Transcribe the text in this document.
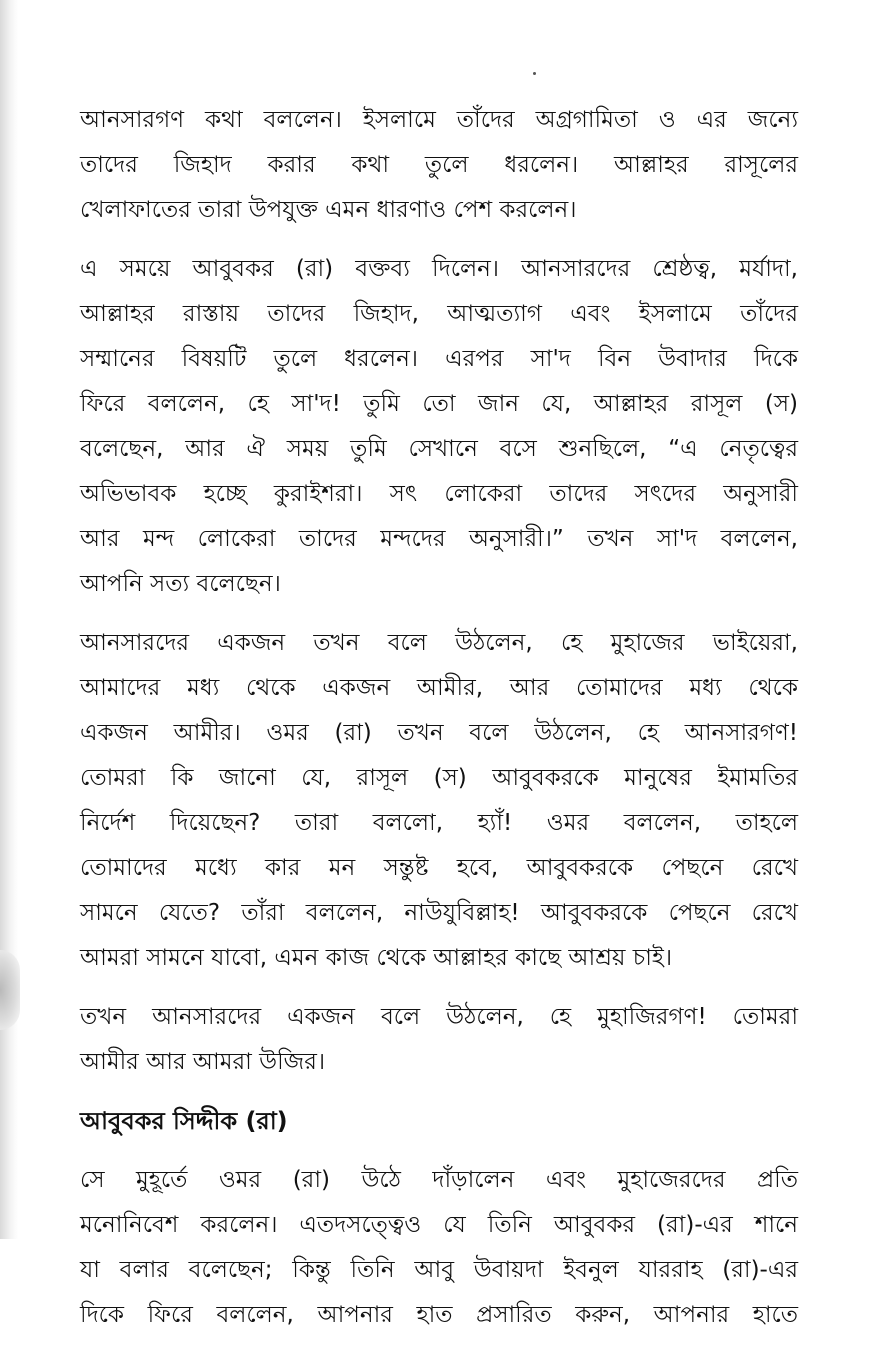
আনসারগণ কথা বললেন। ইসলামে তাঁদের অগ্রগামিতা ও এর জন্যে
তাদের জিহাদ করার কথা তুলে ধরলেন। আল্লাহর রাসূলের
খেলাফাতের তারা উপযুক্ত এমন ধারণাও পেশ করলেন।
এ সময়ে আবুবকর (রা) বক্তব্য দিলেন। আনসারদের শ্রেষ্ঠত্ব, মর্যাদা,
আল্লাহর রাস্তায় তাদের জিহাদ, আত্মত্যাগ এবং ইসলামে তাঁদের
সম্মানের বিষয়টি তুলে ধরলেন। এরপর সা'দ বিন উবাদার দিকে
ফিরে বললেন, হে সা'দ! তুমি তো জান যে, আল্লাহর রাসূল (স)
বলেছেন, আর ঐ সময় তুমি সেখানে বসে শুনছিলে, “এ নেতৃত্বের
অভিভাবক হচ্ছে কুরাইশরা। সৎ লোকেরা তাদের সৎদের অনুসারী
আর মন্দ লোকেরা তাদের মন্দদের অনুসারী।” তখন সা'দ বললেন,
আপনি সত্য বলেছেন।
আনসারদের একজন তখন বলে উঠলেন, হে মুহাজের ভাইয়েরা,
আমাদের মধ্য থেকে একজন আমীর, আর তোমাদের মধ্য থেকে
একজন আমীর। ওমর (রা) তখন বলে উঠলেন, হে আনসারগণ!
তোমরা কি জানো যে, রাসূল (স) আবুবকরকে মানুষের ইমামতির
নির্দেশ দিয়েছেন? তারা বললো, হ্যাঁ! ওমর বললেন, তাহলে
তোমাদের মধ্যে কার মন সন্তুষ্ট হবে, আবুবকরকে পেছনে রেখে
সামনে যেতে? তাঁরা বললেন, নাউযুবিল্লাহ! আবুবকরকে পেছনে রেখে
আমরা সামনে যাবো, এমন কাজ থেকে আল্লাহর কাছে আশ্রয় চাই।
তখন আনসারদের একজন বলে উঠলেন, হে মুহাজিরগণ! তোমরা
আমীর আর আমরা উজির।
আবুবকর সিদ্দীক (রা)
সে মুহূর্তে ওমর (রা) উঠে দাঁড়ালেন এবং মুহাজেরদের প্রতি
মনোনিবেশ করলেন। এতদসত্ত্বেও যে তিনি আবুবকর (রা)-এর শানে
যা বলার বলেছেন; কিন্তু তিনি আবু উবায়দা ইবনুল যাররাহ (রা)-এর
দিকে ফিরে বললেন, আপনার হাত প্রসারিত করুন, আপনার হাতে
